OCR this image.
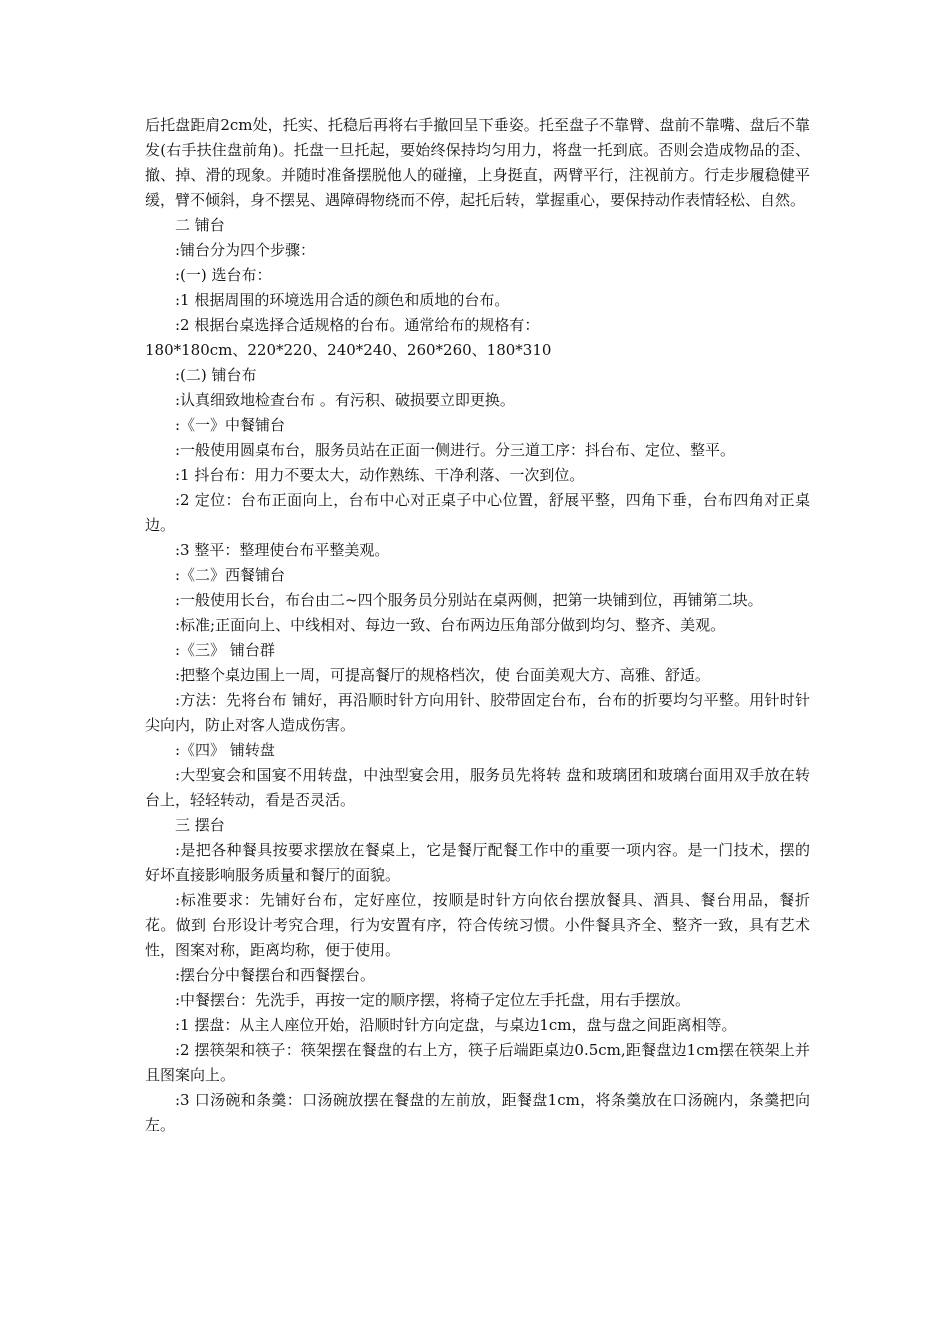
后托盘距肩2cm处，托实、托稳后再将右手撤回呈下垂姿。托至盘子不靠臂、盘前不靠嘴、盘后不靠发(右手扶住盘前角)。托盘一旦托起，要始终保持均匀用力，将盘一托到底。否则会造成物品的歪、撤、掉、滑的现象。并随时准备摆脱他人的碰撞，上身挺直，两臂平行，注视前方。行走步履稳健平缓，臂不倾斜，身不摆晃、遇障碍物绕而不停，起托后转，掌握重心，要保持动作表情轻松、自然。

二 铺台

:铺台分为四个步骤：

:(一) 选台布：

:1 根据周围的环境选用合适的颜色和质地的台布。

:2 根据台桌选择合适规格的台布。通常给布的规格有：

180*180cm、220*220、240*240、260*260、180*310

:(二) 铺台布

:认真细致地检查台布 。有污积、破损要立即更换。

:《一》中餐铺台

:一般使用圆桌布台，服务员站在正面一侧进行。分三道工序：抖台布、定位、整平。

:1 抖台布：用力不要太大，动作熟练、干净利落、一次到位。

:2 定位：台布正面向上，台布中心对正桌子中心位置，舒展平整，四角下垂，台布四角对正桌边。

:3 整平：整理使台布平整美观。

:《二》西餐铺台

:一般使用长台，布台由二~四个服务员分别站在桌两侧，把第一块铺到位，再铺第二块。

:标准;正面向上、中线相对、每边一致、台布两边压角部分做到均匀、整齐、美观。

:《三》 铺台群

:把整个桌边围上一周，可提高餐厅的规格档次，使 台面美观大方、高雅、舒适。

:方法：先将台布 铺好，再沿顺时针方向用针、胶带固定台布，台布的折要均匀平整。用针时针尖向内，防止对客人造成伤害。

:《四》 铺转盘

:大型宴会和国宴不用转盘，中浊型宴会用，服务员先将转 盘和玻璃团和玻璃台面用双手放在转台上，轻轻转动，看是否灵活。

三 摆台

:是把各种餐具按要求摆放在餐桌上，它是餐厅配餐工作中的重要一项内容。是一门技术，摆的好坏直接影响服务质量和餐厅的面貌。

:标准要求：先铺好台布，定好座位，按顺是时针方向依台摆放餐具、酒具、餐台用品，餐折花。做到 台形设计考究合理，行为安置有序，符合传统习惯。小件餐具齐全、整齐一致，具有艺术性，图案对称，距离均称，便于使用。

:摆台分中餐摆台和西餐摆台。

:中餐摆台：先洗手，再按一定的顺序摆，将椅子定位左手托盘，用右手摆放。

:1 摆盘：从主人座位开始，沿顺时针方向定盘，与桌边1cm，盘与盘之间距离相等。

:2 摆筷架和筷子：筷架摆在餐盘的右上方，筷子后端距桌边0.5cm,距餐盘边1cm摆在筷架上并且图案向上。

:3 口汤碗和条羹：口汤碗放摆在餐盘的左前放，距餐盘1cm，将条羹放在口汤碗内，条羹把向左。
